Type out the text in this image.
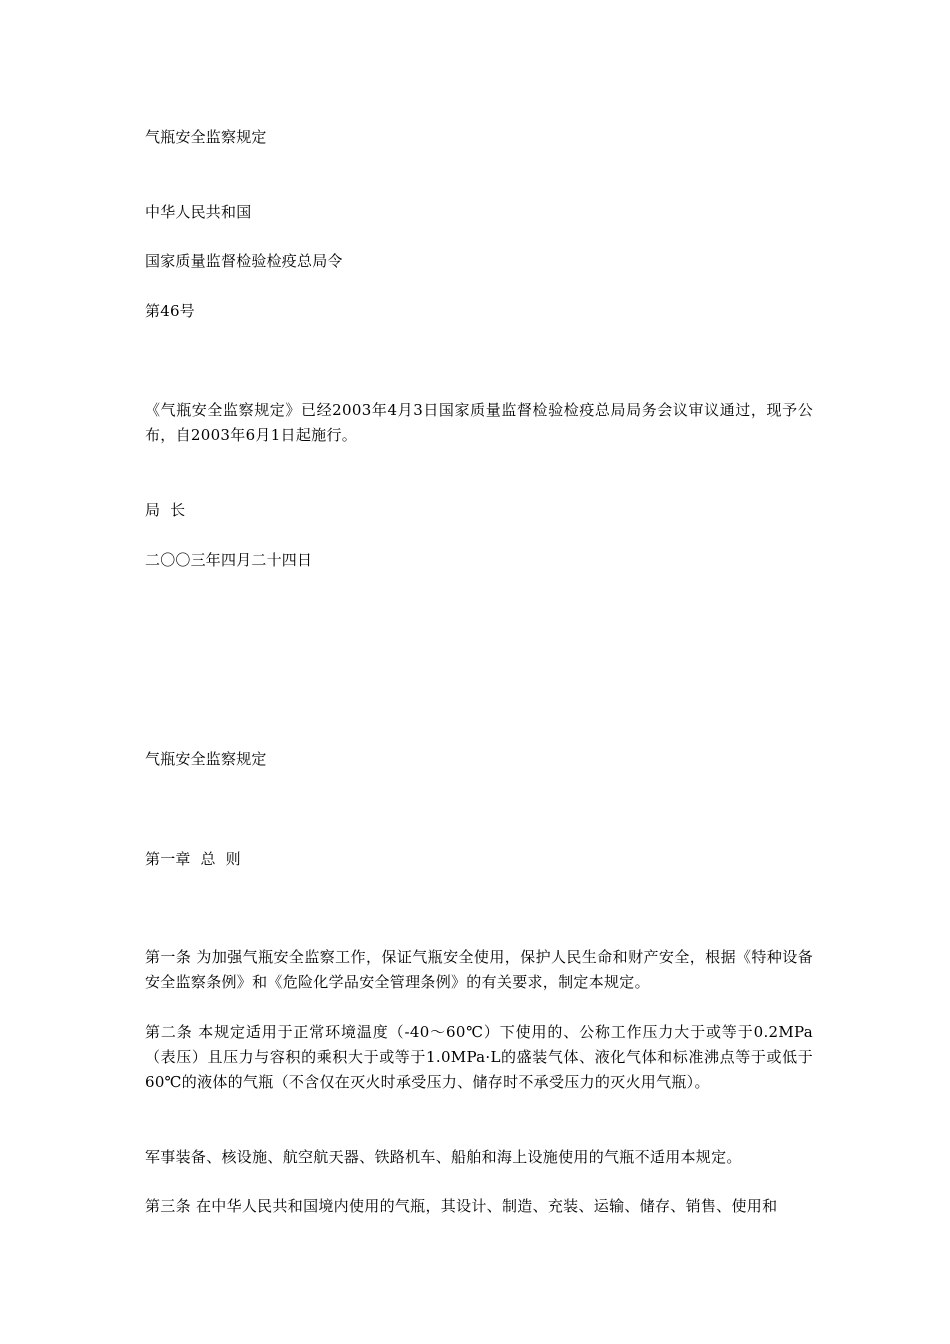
气瓶安全监察规定

中华人民共和国

国家质量监督检验检疫总局令

第46号

《气瓶安全监察规定》已经2003年4月3日国家质量监督检验检疫总局局务会议审议通过，现予公布，自2003年6月1日起施行。

局  长

二〇〇三年四月二十四日

气瓶安全监察规定

第一章  总  则

第一条 为加强气瓶安全监察工作，保证气瓶安全使用，保护人民生命和财产安全，根据《特种设备安全监察条例》和《危险化学品安全管理条例》的有关要求，制定本规定。

第二条 本规定适用于正常环境温度（-40～60℃）下使用的、公称工作压力大于或等于0.2MPa（表压）且压力与容积的乘积大于或等于1.0MPa·L的盛装气体、液化气体和标准沸点等于或低于60℃的液体的气瓶（不含仅在灭火时承受压力、储存时不承受压力的灭火用气瓶）。

军事装备、核设施、航空航天器、铁路机车、船舶和海上设施使用的气瓶不适用本规定。

第三条 在中华人民共和国境内使用的气瓶，其设计、制造、充装、运输、储存、销售、使用和
